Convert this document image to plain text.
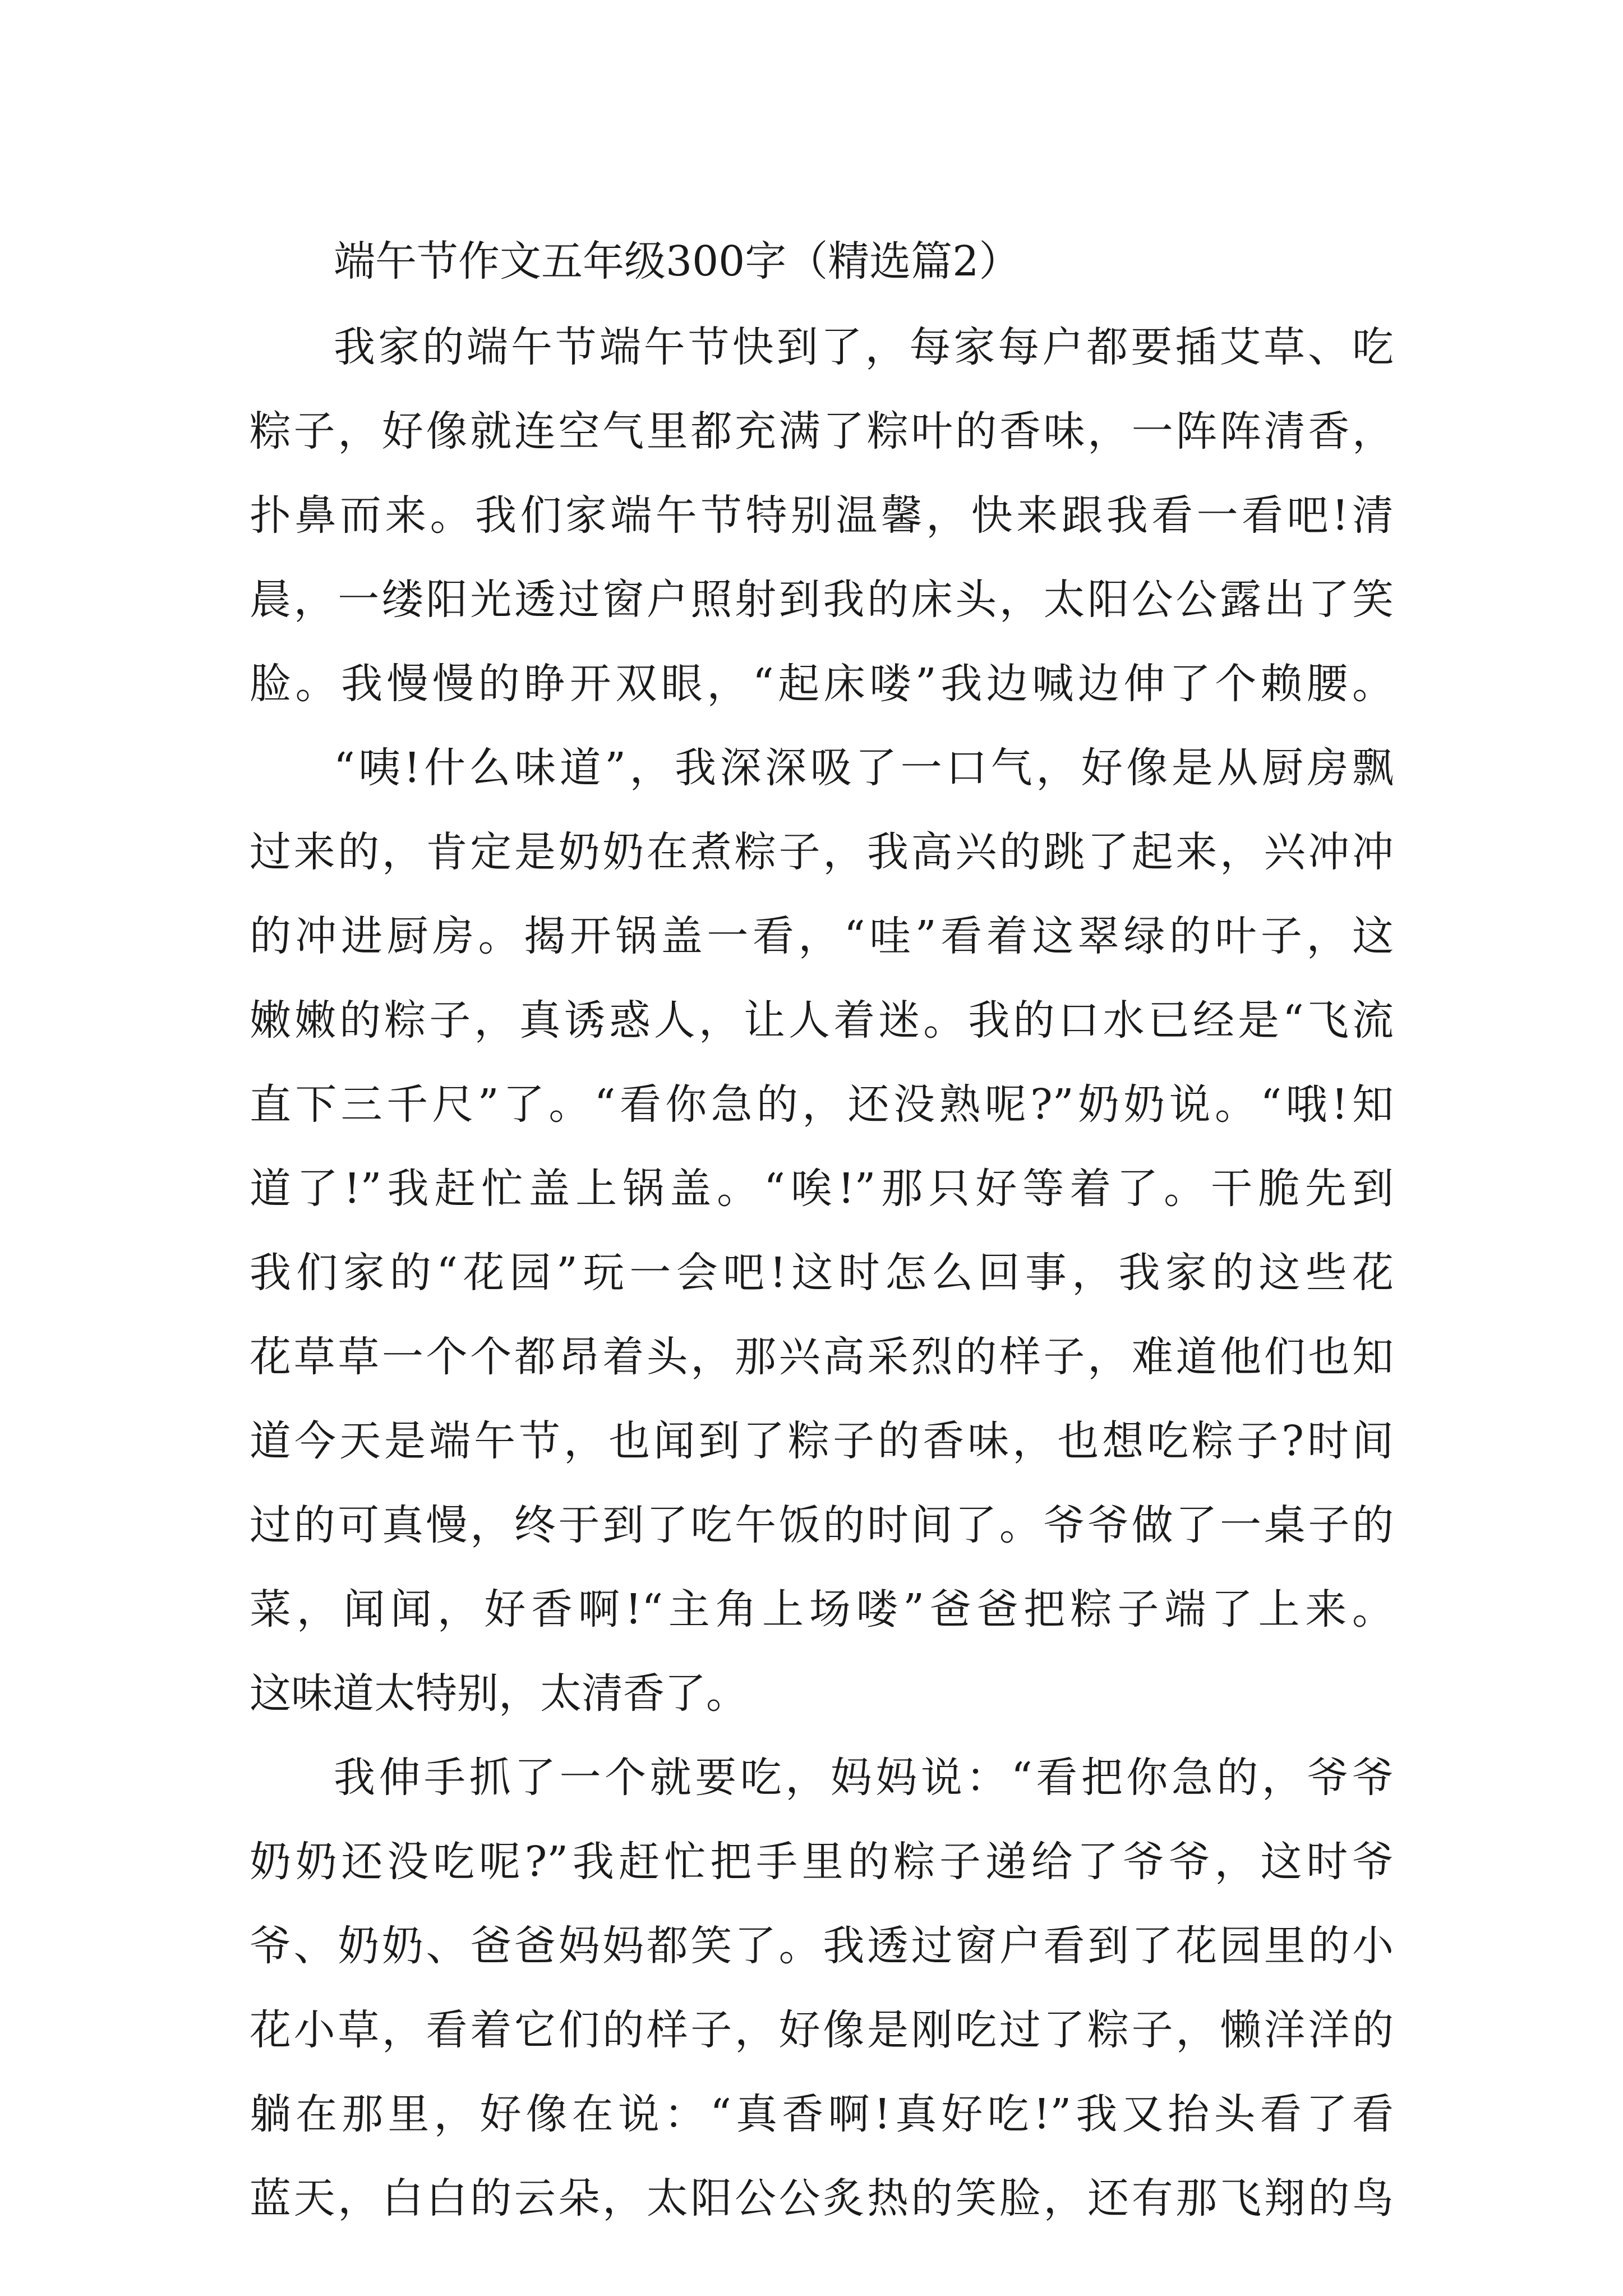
端午节作文五年级300字（精选篇2）
我家的端午节端午节快到了，每家每户都要插艾草、吃
粽子，好像就连空气里都充满了粽叶的香味，一阵阵清香，
扑鼻而来。我们家端午节特别温馨，快来跟我看一看吧!清
晨，一缕阳光透过窗户照射到我的床头，太阳公公露出了笑
脸。我慢慢的睁开双眼，“起床喽”我边喊边伸了个赖腰。
“咦!什么味道”，我深深吸了一口气，好像是从厨房飘
过来的，肯定是奶奶在煮粽子，我高兴的跳了起来，兴冲冲
的冲进厨房。揭开锅盖一看，“哇”看着这翠绿的叶子，这
嫩嫩的粽子，真诱惑人，让人着迷。我的口水已经是“飞流
直下三千尺”了。“看你急的，还没熟呢?”奶奶说。“哦!知
道了!”我赶忙盖上锅盖。“唉!”那只好等着了。干脆先到
我们家的“花园”玩一会吧!这时怎么回事，我家的这些花
花草草一个个都昂着头，那兴高采烈的样子，难道他们也知
道今天是端午节，也闻到了粽子的香味，也想吃粽子?时间
过的可真慢，终于到了吃午饭的时间了。爷爷做了一桌子的
菜，闻闻，好香啊!“主角上场喽”爸爸把粽子端了上来。
这味道太特别，太清香了。
我伸手抓了一个就要吃，妈妈说：“看把你急的，爷爷
奶奶还没吃呢?”我赶忙把手里的粽子递给了爷爷，这时爷
爷、奶奶、爸爸妈妈都笑了。我透过窗户看到了花园里的小
花小草，看着它们的样子，好像是刚吃过了粽子，懒洋洋的
躺在那里，好像在说：“真香啊!真好吃!”我又抬头看了看
蓝天，白白的云朵，太阳公公炙热的笑脸，还有那飞翔的鸟
